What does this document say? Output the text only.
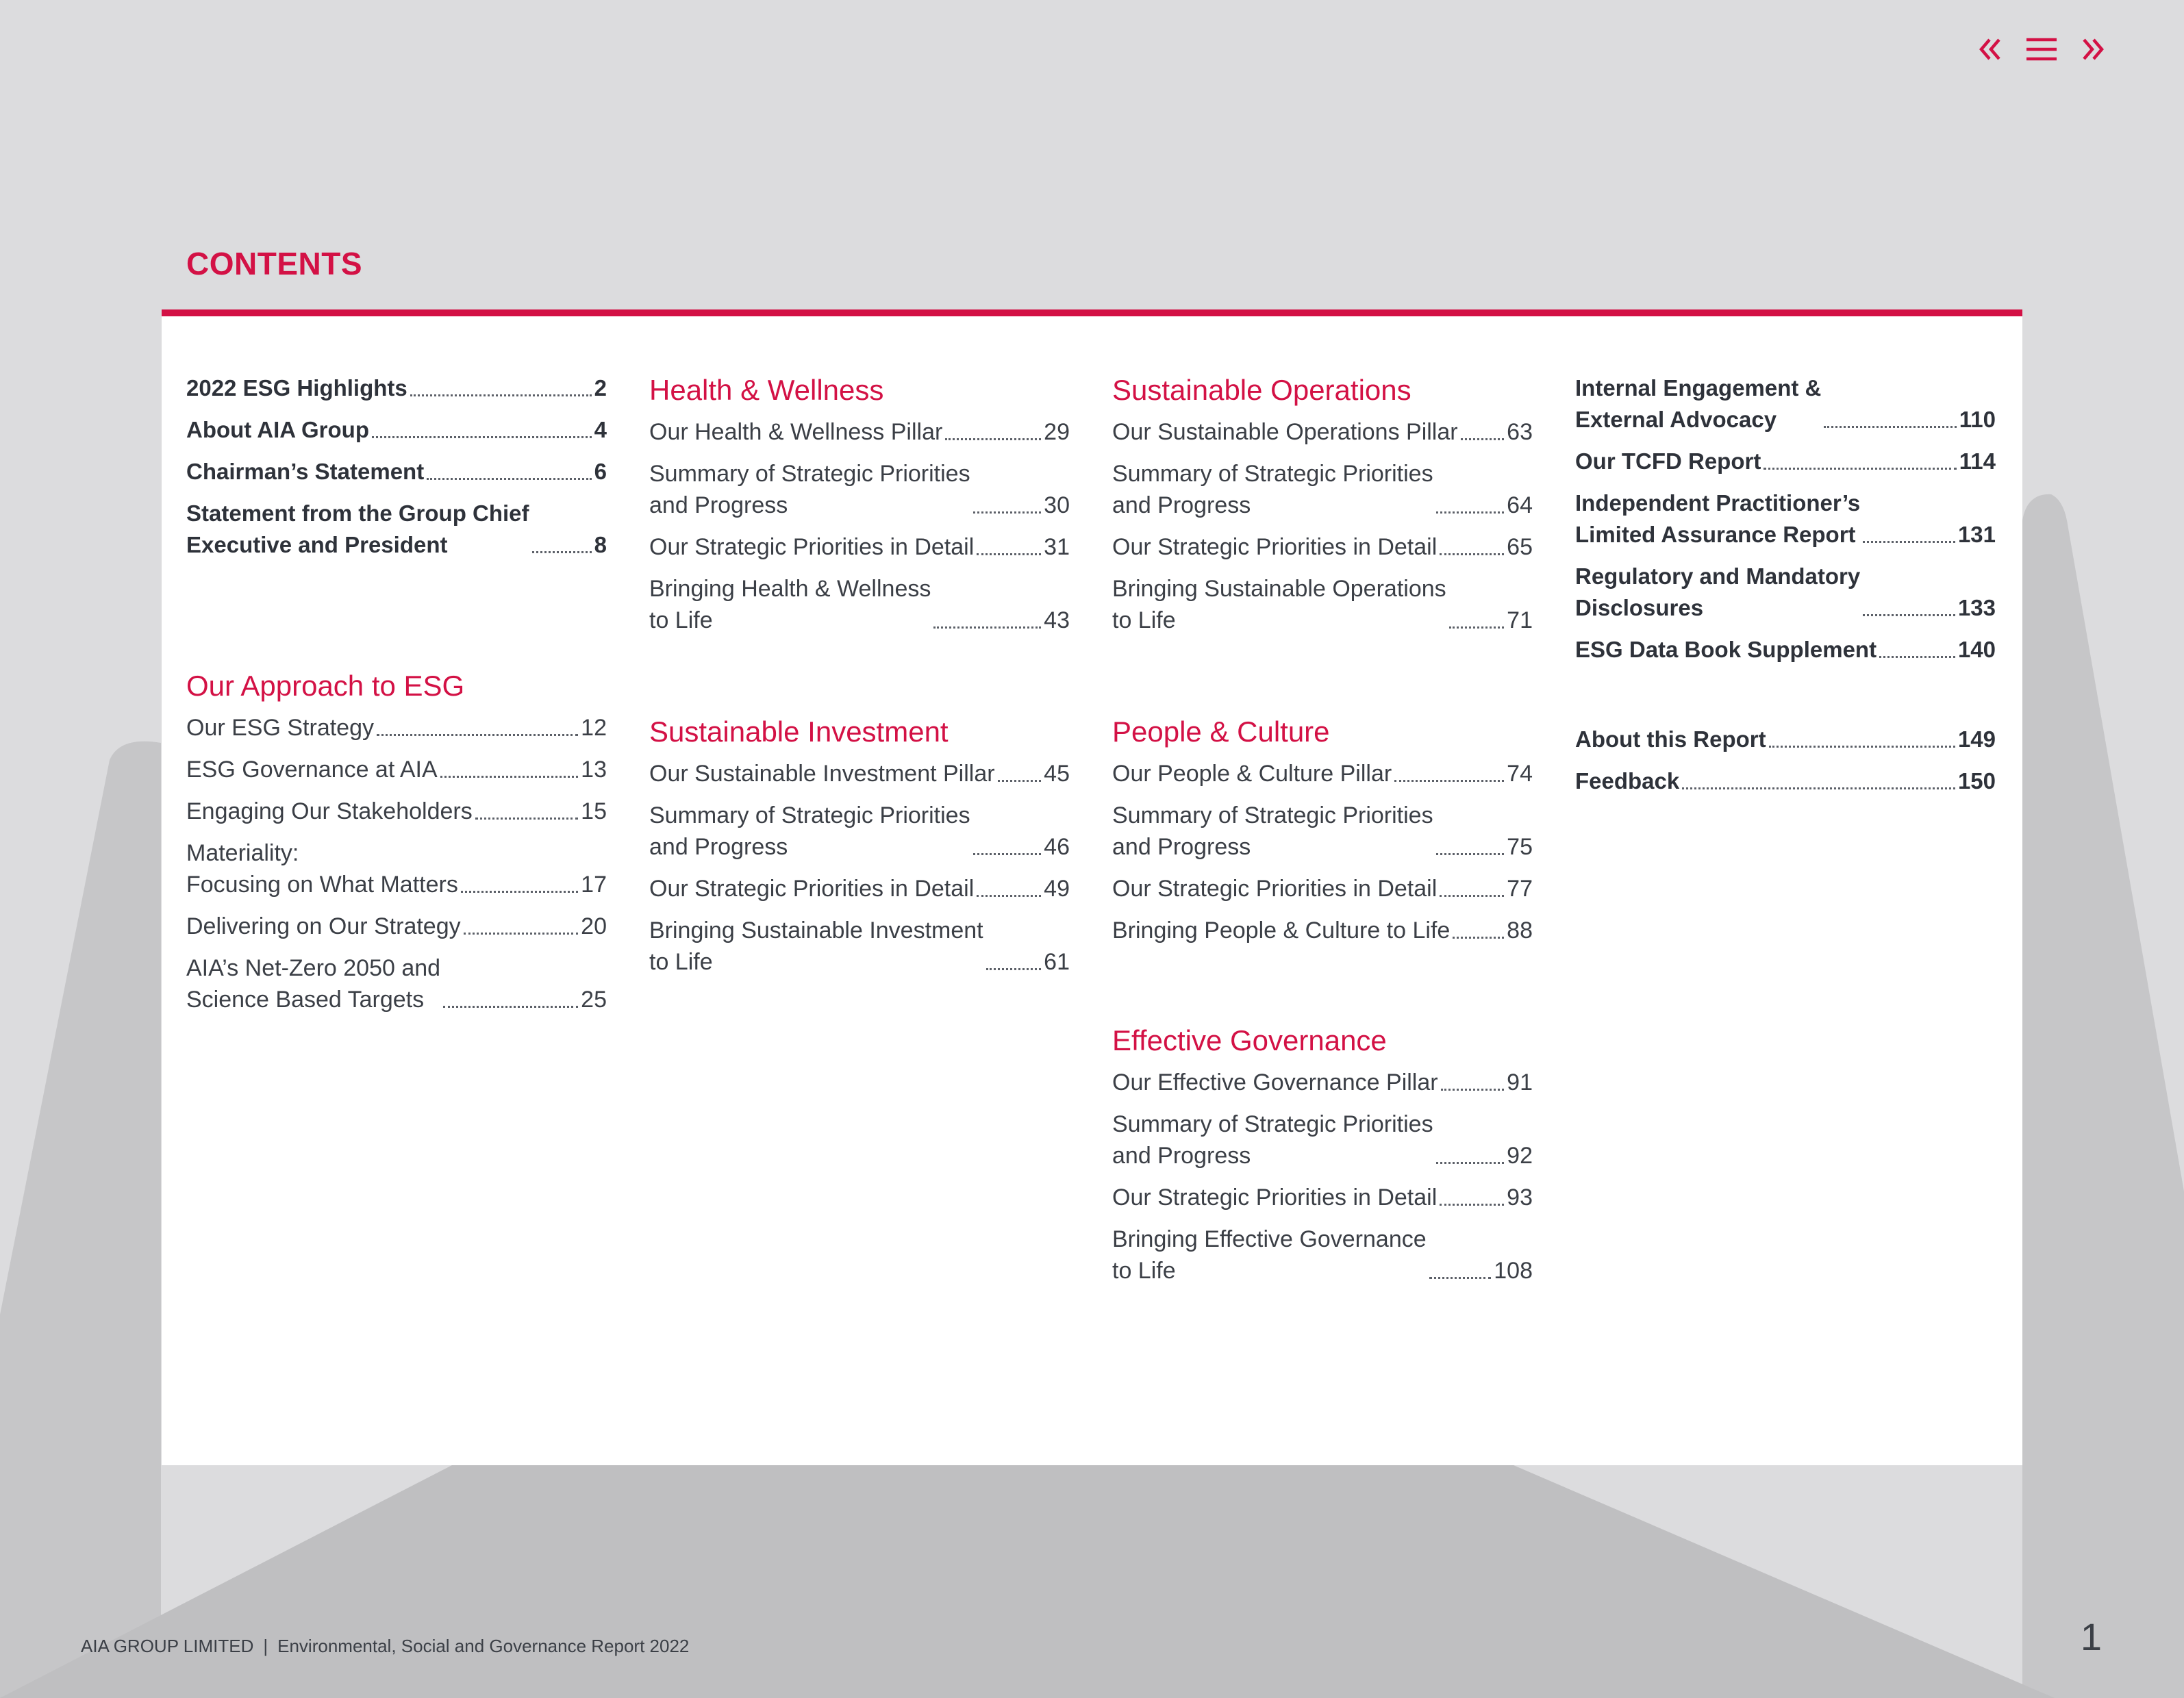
CONTENTS
2022 ESG Highlights	2
About AIA Group	4
Chairman’s Statement	6
Statement from the Group Chief
Executive and President	8
Our Approach to ESG
Our ESG Strategy	12
ESG Governance at AIA	13
Engaging Our Stakeholders	15
Materiality:
Focusing on What Matters	17
Delivering on Our Strategy	20
AIA’s Net-Zero 2050 and
Science Based Targets	25
Health & Wellness
Our Health & Wellness Pillar	29
Summary of Strategic Priorities
and Progress	30
Our Strategic Priorities in Detail	31
Bringing Health & Wellness
to Life	43
Sustainable Investment
Our Sustainable Investment Pillar 45
Summary of Strategic Priorities
and Progress	46
Our Strategic Priorities in Detail	49
Bringing Sustainable Investment
to Life	61
Sustainable Operations
Our Sustainable Operations Pillar 63
Summary of Strategic Priorities
and Progress	64
Our Strategic Priorities in Detail	65
Bringing Sustainable Operations
to Life	71
People & Culture
Our People & Culture Pillar	74
Summary of Strategic Priorities
and Progress	75
Our Strategic Priorities in Detail	77
Bringing People & Culture to Life 88
Effective Governance
Our Effective Governance Pillar	91
Summary of Strategic Priorities
and Progress	92
Our Strategic Priorities in Detail	93
Bringing Effective Governance
to Life	108
Internal Engagement &
External Advocacy	110
Our TCFD Report	114
Independent Practitioner’s
Limited Assurance Report	131
Regulatory and Mandatory
Disclosures	133
ESG Data Book Supplement	140
About this Report	149
Feedback	150
AIA GROUP LIMITED | Environmental, Social and Governance Report 2022	1
